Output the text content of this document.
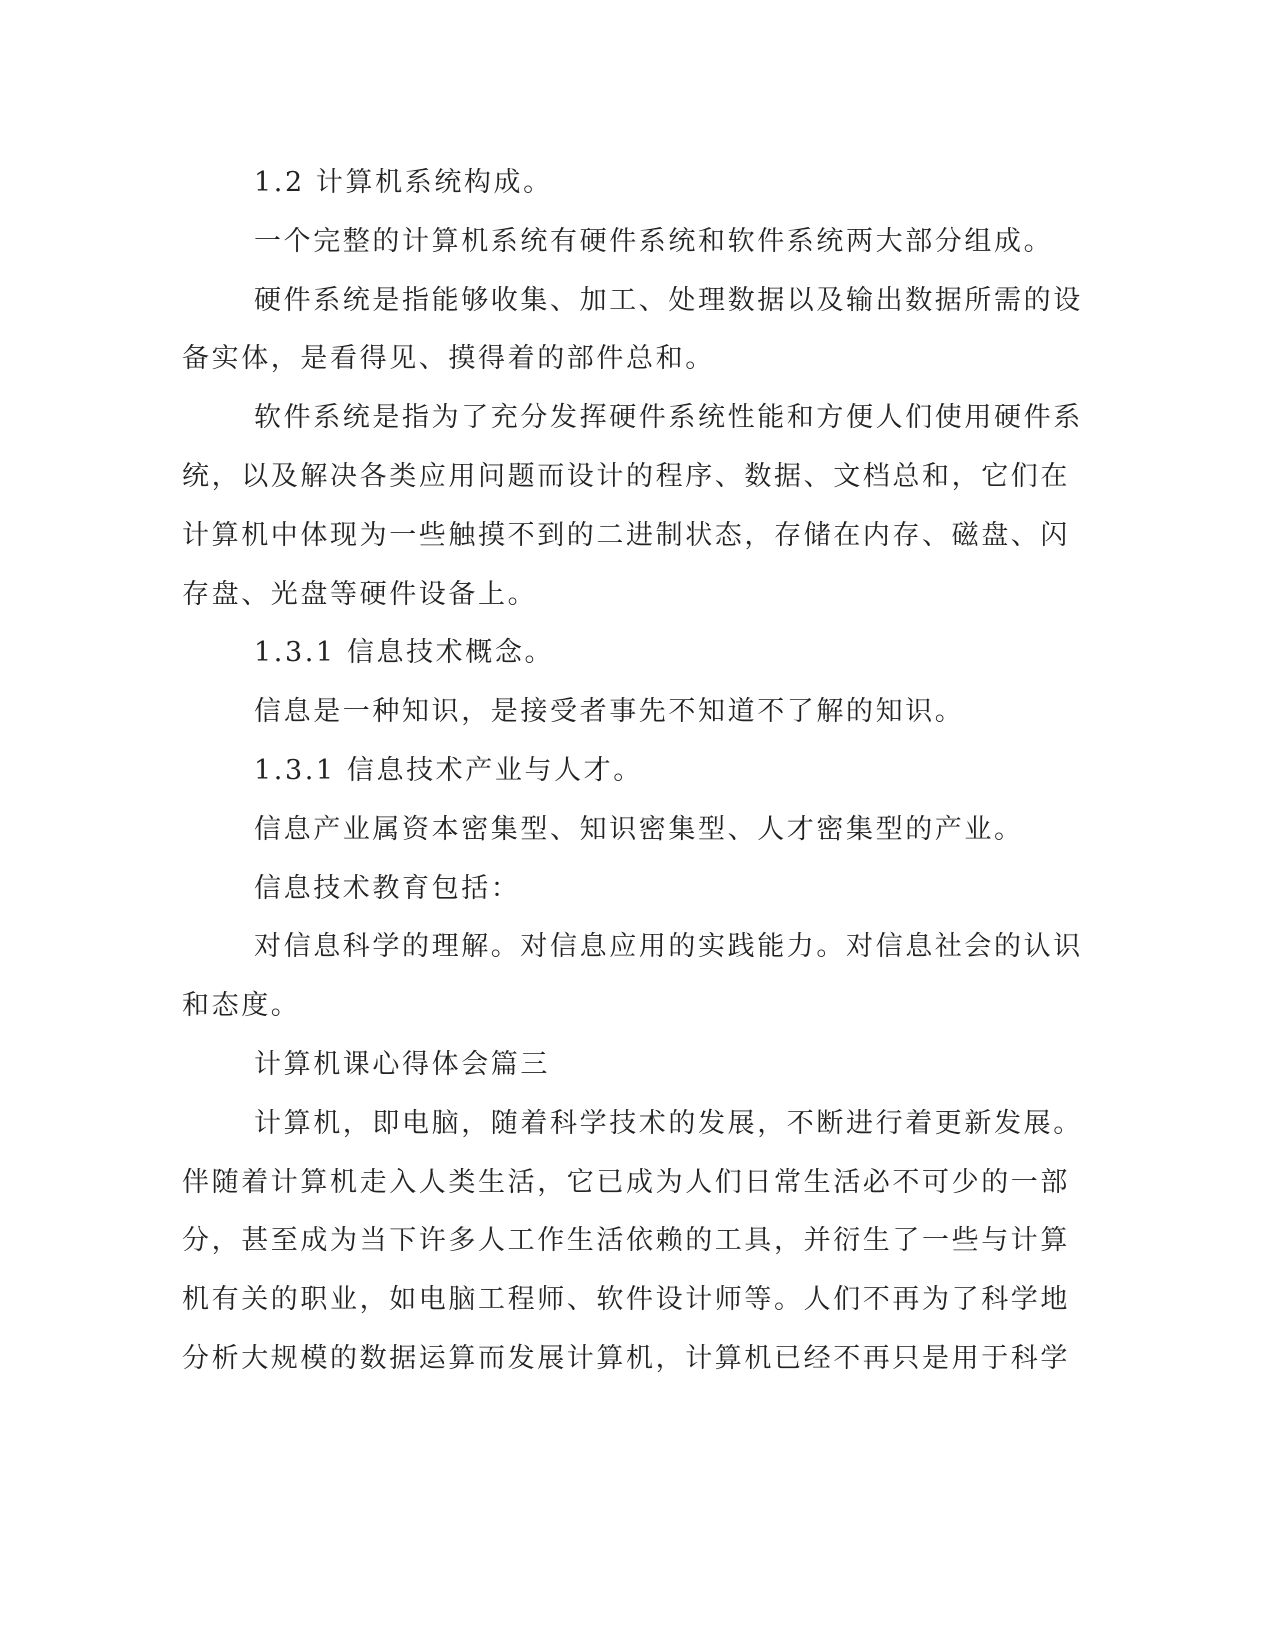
1.2 计算机系统构成。

一个完整的计算机系统有硬件系统和软件系统两大部分组成。

硬件系统是指能够收集、加工、处理数据以及输出数据所需的设
备实体，是看得见、摸得着的部件总和。

软件系统是指为了充分发挥硬件系统性能和方便人们使用硬件系
统，以及解决各类应用问题而设计的程序、数据、文档总和，它们在
计算机中体现为一些触摸不到的二进制状态，存储在内存、磁盘、闪
存盘、光盘等硬件设备上。

1.3.1 信息技术概念。

信息是一种知识，是接受者事先不知道不了解的知识。

1.3.1 信息技术产业与人才。

信息产业属资本密集型、知识密集型、人才密集型的产业。

信息技术教育包括：

对信息科学的理解。对信息应用的实践能力。对信息社会的认识
和态度。

计算机课心得体会篇三

计算机，即电脑，随着科学技术的发展，不断进行着更新发展。
伴随着计算机走入人类生活，它已成为人们日常生活必不可少的一部
分，甚至成为当下许多人工作生活依赖的工具，并衍生了一些与计算
机有关的职业，如电脑工程师、软件设计师等。人们不再为了科学地
分析大规模的数据运算而发展计算机，计算机已经不再只是用于科学
